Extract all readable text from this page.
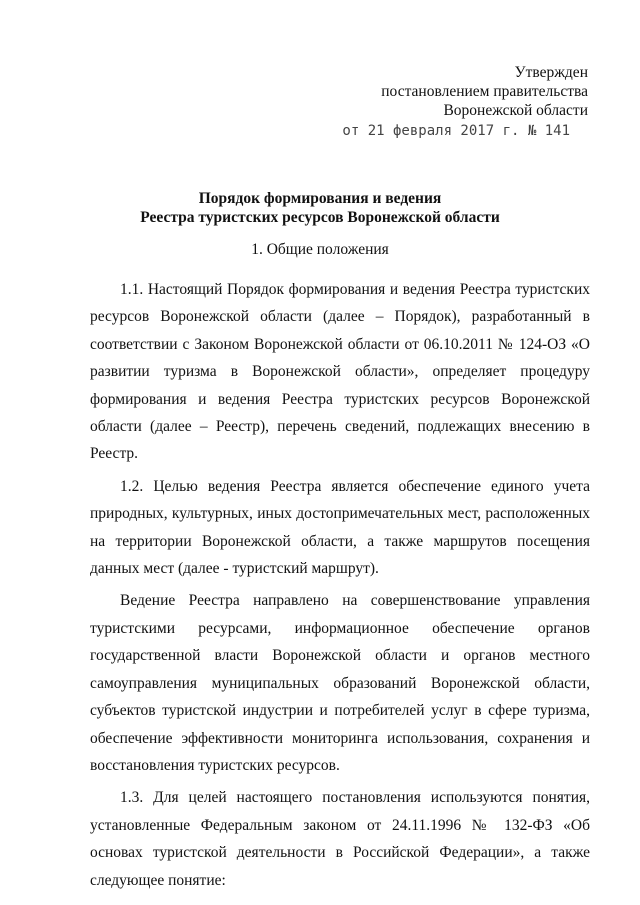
Утвержден
постановлением правительства
Воронежской области
от 21 февраля 2017 г. № 141
Порядок формирования и ведения
Реестра туристских ресурсов Воронежской области
1. Общие положения

1.1. Настоящий Порядок формирования и ведения Реестра туристских ресурсов Воронежской области (далее – Порядок), разработанный в соответствии с Законом Воронежской области от 06.10.2011 № 124-ОЗ «О развитии туризма в Воронежской области», определяет процедуру формирования и ведения Реестра туристских ресурсов Воронежской области (далее – Реестр), перечень сведений, подлежащих внесению в Реестр.

1.2. Целью ведения Реестра является обеспечение единого учета природных, культурных, иных достопримечательных мест, расположенных на территории Воронежской области, а также маршрутов посещения данных мест (далее - туристский маршрут).

Ведение Реестра направлено на совершенствование управления туристскими ресурсами, информационное обеспечение органов государственной власти Воронежской области и органов местного самоуправления муниципальных образований Воронежской области, субъектов туристской индустрии и потребителей услуг в сфере туризма, обеспечение эффективности мониторинга использования, сохранения и восстановления туристских ресурсов.

1.3. Для целей настоящего постановления используются понятия, установленные Федеральным законом от 24.11.1996 № 132-ФЗ «Об основах туристской деятельности в Российской Федерации», а также следующее понятие:
